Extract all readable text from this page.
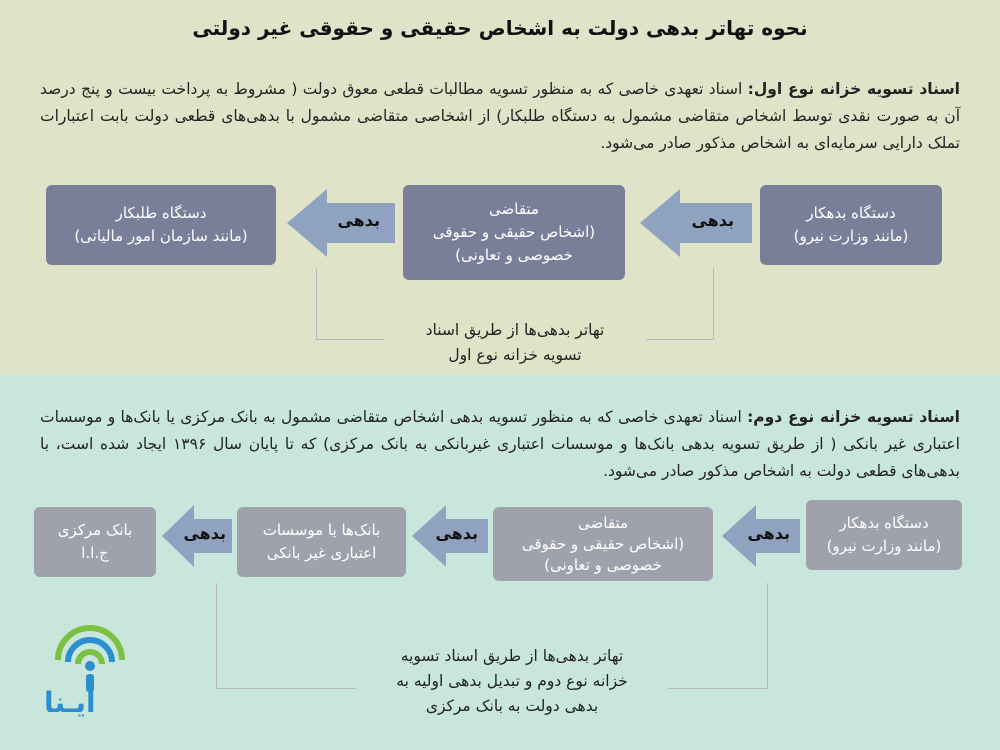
نحوه تهاتر بدهی دولت به اشخاص حقیقی و حقوقی غیر دولتی
اسناد تسویه خزانه نوع اول: اسناد تعهدی خاصی که به منظور تسویه مطالبات قطعی معوق دولت ( مشروط به پرداخت بیست و پنج درصد آن به صورت نقدی توسط اشخاص متقاضی مشمول به دستگاه طلبکار) از اشخاصی متقاضی مشمول با بدهی‌های قطعی دولت بابت اعتبارات تملک دارایی سرمایه‌ای به اشخاص مذکور صادر می‌شود.
دستگاه بدهکار
(مانند وزارت نیرو)
بدهی
متقاضی
(اشخاص حقیقی و حقوقی
خصوصی و تعاونی)
بدهی
دستگاه طلبکار
(مانند سازمان امور مالیاتی)
تهاتر بدهی‌ها از طریق اسناد
تسویه خزانه نوع اول
اسناد تسویه خزانه نوع دوم: اسناد تعهدی خاصی که به منظور تسویه بدهی اشخاص متقاضی مشمول به بانک مرکزی یا بانک‌ها و موسسات اعتباری غیر بانکی ( از طریق تسویه بدهی بانک‌ها و موسسات اعتباری غیربانکی به بانک مرکزی) که تا پایان سال ۱۳۹۶ ایجاد شده است، با بدهی‌های قطعی دولت به اشخاص مذکور صادر می‌شود.
دستگاه بدهکار
(مانند وزارت نیرو)
بدهی
متقاضی
(اشخاص حقیقی و حقوقی
خصوصی و تعاونی)
بدهی
بانک‌ها یا موسسات
اعتباری غیر بانکی
بدهی
بانک مرکزی
ج.ا.ا
تهاتر بدهی‌ها از طریق اسناد تسویه
خزانه نوع دوم و تبدیل بدهی اولیه به
بدهی دولت به بانک مرکزی
ایـنا
